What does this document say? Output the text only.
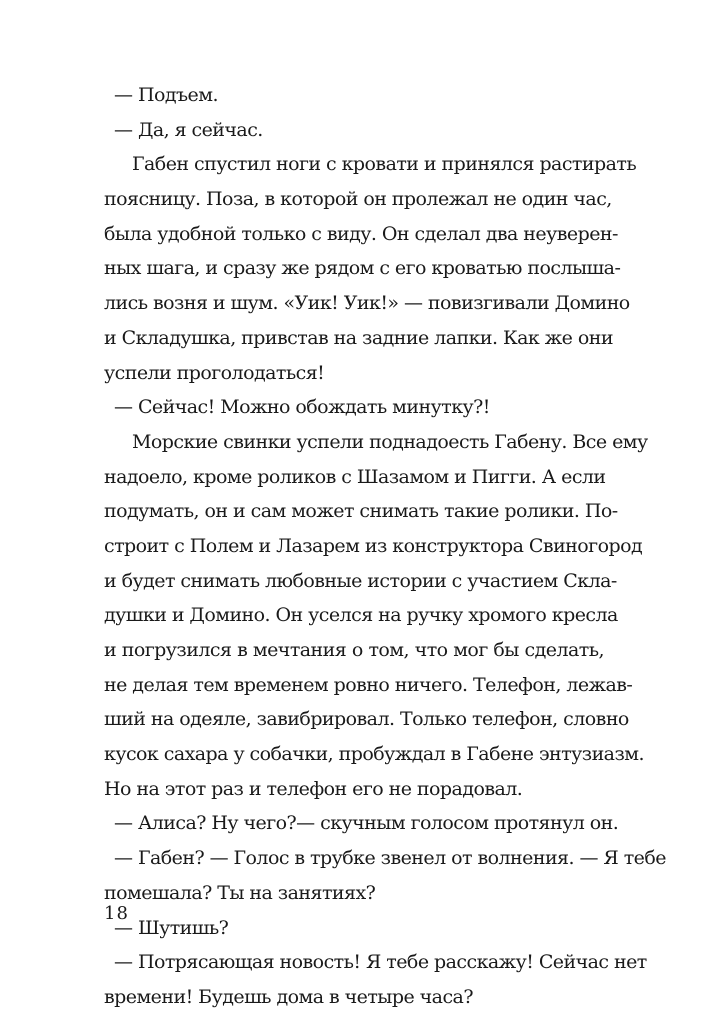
— Подъем.
— Да, я сейчас.
Габен спустил ноги с кровати и принялся растирать
поясницу. Поза, в которой он пролежал не один час,
была удобной только с виду. Он сделал два неуверен-
ных шага, и сразу же рядом с его кроватью послыша-
лись возня и шум. «Уик! Уик!» — повизгивали Домино
и Складушка, привстав на задние лапки. Как же они
успели проголодаться!
— Сейчас! Можно обождать минутку?!
Морские свинки успели поднадоесть Габену. Все ему
надоело, кроме роликов с Шазамом и Пигги. А если
подумать, он и сам может снимать такие ролики. По-
строит с Полем и Лазарем из конструктора Свиногород
и будет снимать любовные истории с участием Скла-
душки и Домино. Он уселся на ручку хромого кресла
и погрузился в мечтания о том, что мог бы сделать,
не делая тем временем ровно ничего. Телефон, лежав-
ший на одеяле, завибрировал. Только телефон, словно
кусок сахара у собачки, пробуждал в Габене энтузиазм.
Но на этот раз и телефон его не порадовал.
— Алиса? Ну чего?— скучным голосом протянул он.
— Габен? — Голос в трубке звенел от волнения. — Я тебе
помешала? Ты на занятиях?
— Шутишь?
— Потрясающая новость! Я тебе расскажу! Сейчас нет
времени! Будешь дома в четыре часа?
18
